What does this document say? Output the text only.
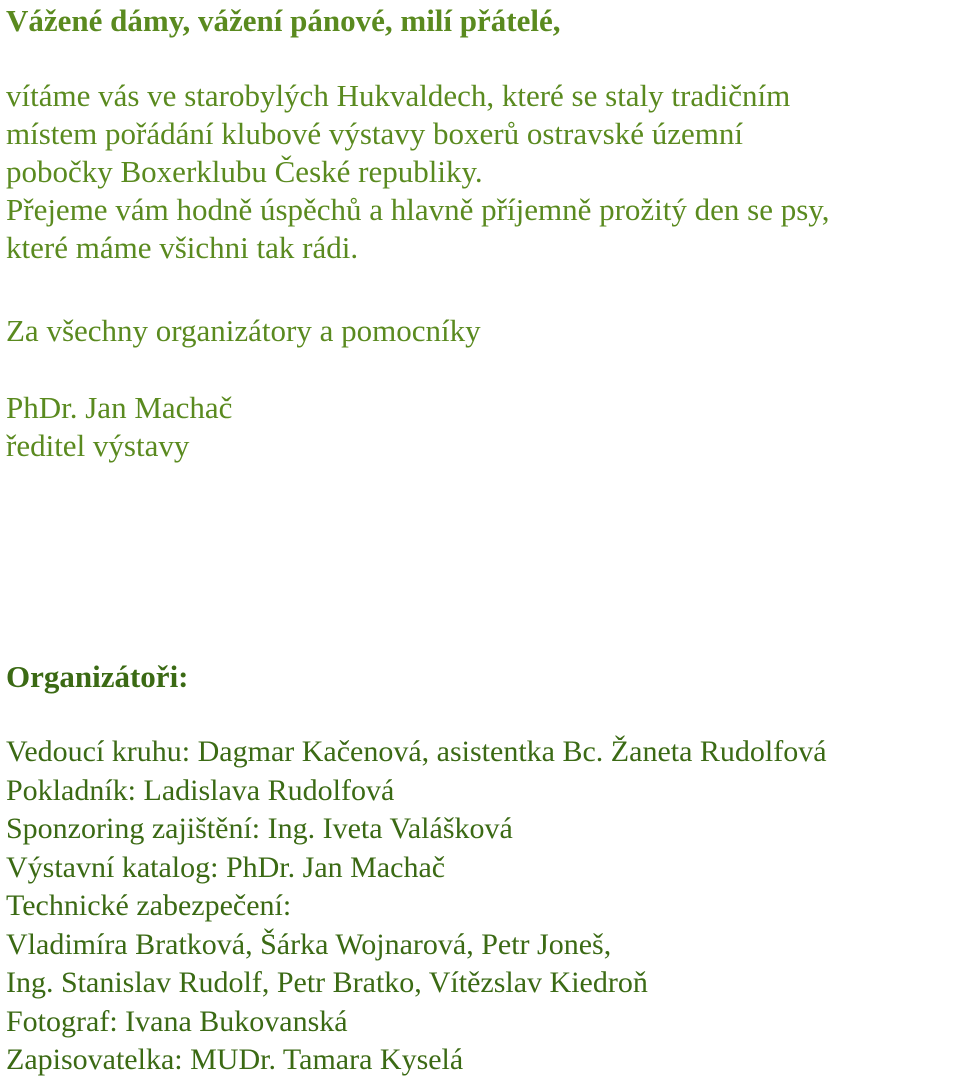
Vážené dámy, vážení pánové, milí přátelé,
vítáme vás ve starobylých Hukvaldech, které se staly tradičním
místem pořádání klubové výstavy boxerů ostravské územní
pobočky Boxerklubu České republiky.
Přejeme vám hodně úspěchů a hlavně příjemně prožitý den se psy,
které máme všichni tak rádi.
Za všechny organizátory a pomocníky
PhDr. Jan Machač
ředitel výstavy
Organizátoři:
Vedoucí kruhu: Dagmar Kačenová, asistentka Bc. Žaneta Rudolfová
Pokladník: Ladislava Rudolfová
Sponzoring zajištění: Ing. Iveta Valášková
Výstavní katalog: PhDr. Jan Machač
Technické zabezpečení:
Vladimíra Bratková, Šárka Wojnarová, Petr Joneš,
Ing. Stanislav Rudolf, Petr Bratko, Vítězslav Kiedroň
Fotograf: Ivana Bukovanská
Zapisovatelka: MUDr. Tamara Kyselá
